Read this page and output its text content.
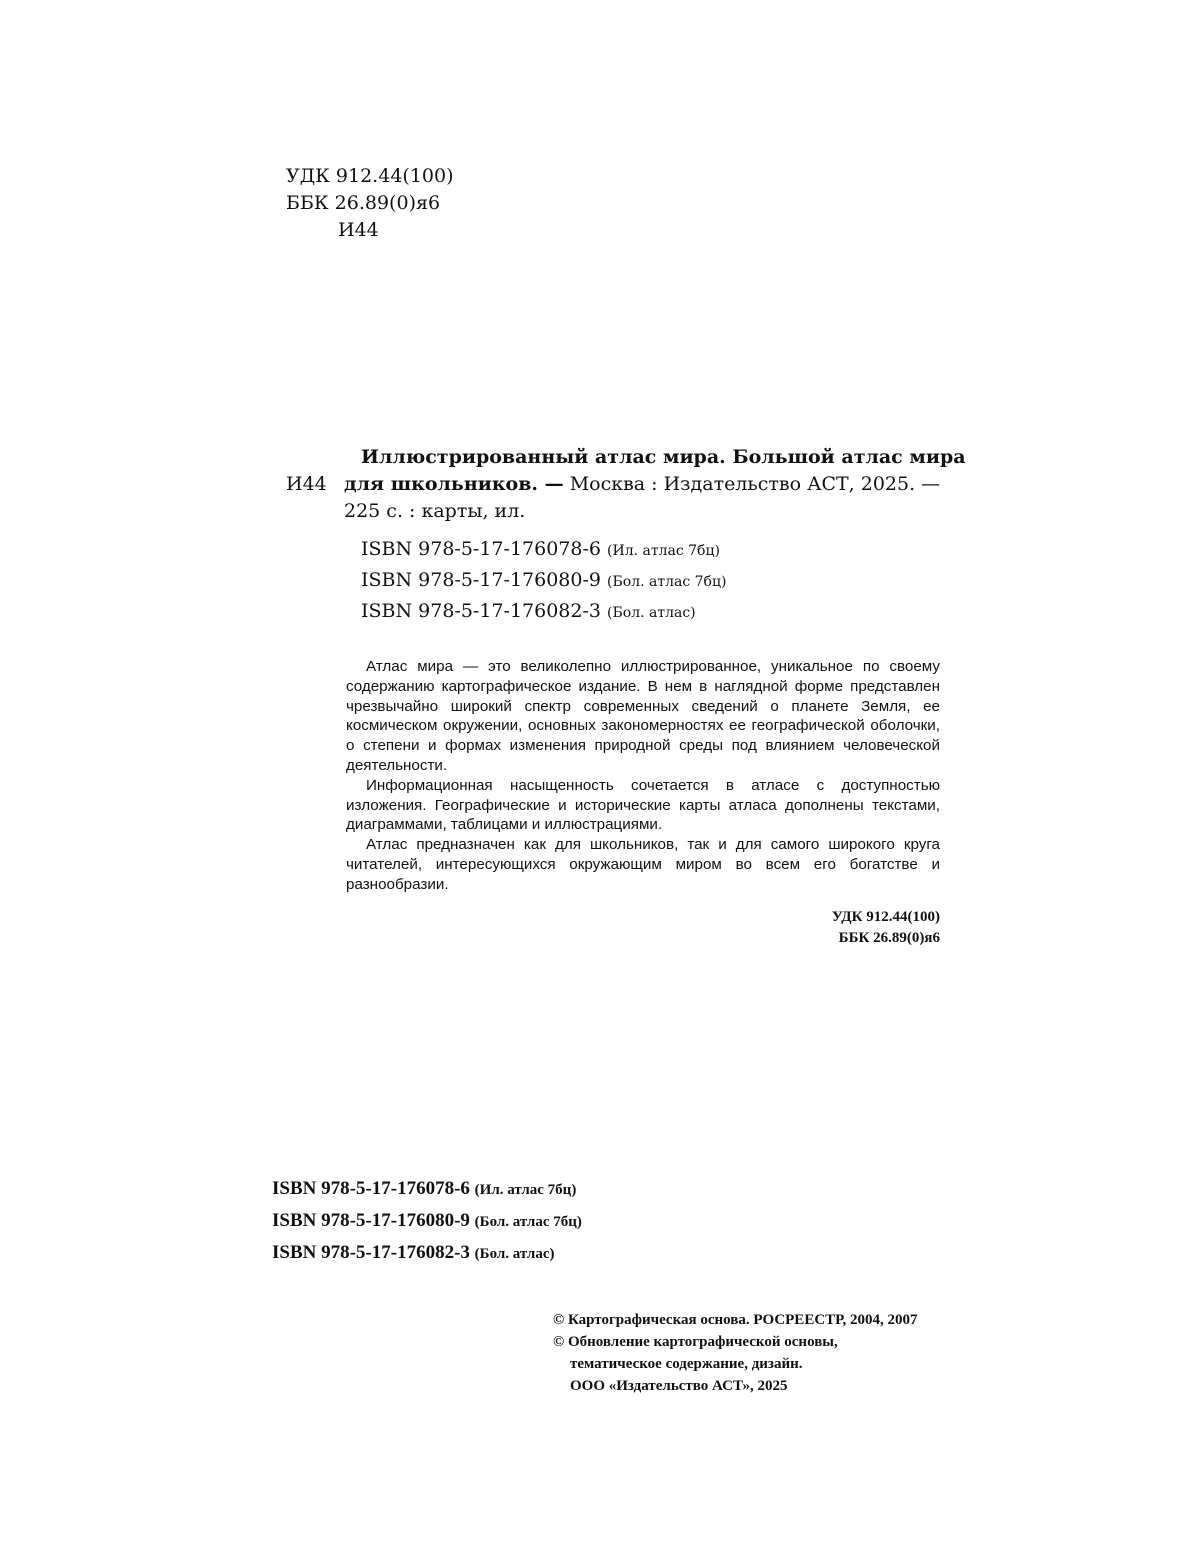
УДК 912.44(100)
ББК 26.89(0)я6
И44
Иллюстрированный атлас мира. Большой атлас мира
И44 для школьников. — Москва : Издательство АСТ, 2025. —
225 с. : карты, ил.
ISBN 978-5-17-176078-6 (Ил. атлас 7бц)
ISBN 978-5-17-176080-9 (Бол. атлас 7бц)
ISBN 978-5-17-176082-3 (Бол. атлас)

Атлас мира — это великолепно иллюстрированное, уникальное по своему содержанию картографическое издание. В нем в наглядной форме представлен чрезвычайно широкий спектр современных сведений о планете Земля, ее космическом окружении, основных закономерностях ее географической оболочки, о степени и формах изменения природной среды под влиянием человеческой деятельности.

Информационная насыщенность сочетается в атласе с доступностью изложения. Географические и исторические карты атласа дополнены текстами, диаграммами, таблицами и иллюстрациями.

Атлас предназначен как для школьников, так и для самого широкого круга читателей, интересующихся окружающим миром во всем его богатстве и разнообразии.

УДК 912.44(100)
ББК 26.89(0)я6
ISBN 978-5-17-176078-6 (Ил. атлас 7бц)
ISBN 978-5-17-176080-9 (Бол. атлас 7бц)
ISBN 978-5-17-176082-3 (Бол. атлас)
© Картографическая основа. РОСРЕЕСТР, 2004, 2007
© Обновление картографической основы,
тематическое содержание, дизайн.
ООО «Издательство АСТ», 2025
